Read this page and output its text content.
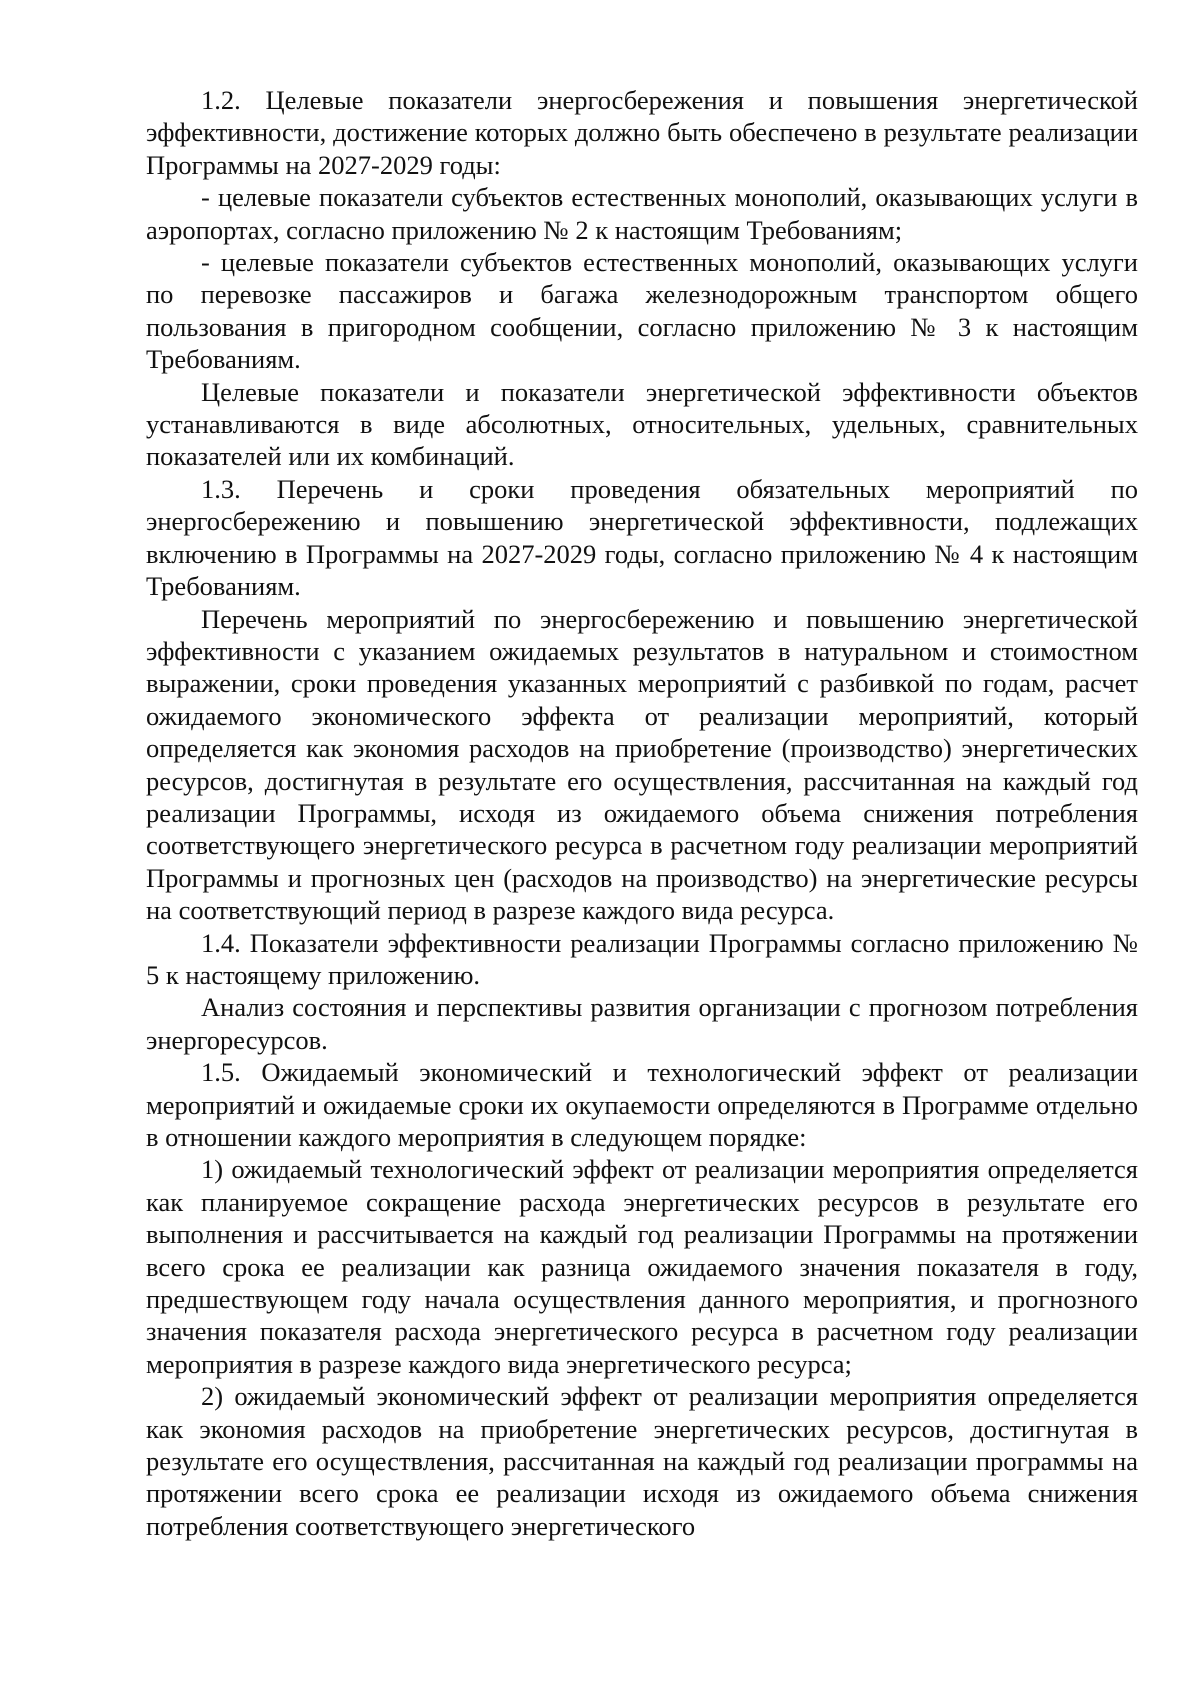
1.2. Целевые показатели энергосбережения и повышения энергетической эффективности, достижение которых должно быть обеспечено в результате реализации Программы на 2027-2029 годы:

- целевые показатели субъектов естественных монополий, оказывающих услуги в аэропортах, согласно приложению № 2 к настоящим Требованиям;

- целевые показатели субъектов естественных монополий, оказывающих услуги по перевозке пассажиров и багажа железнодорожным транспортом общего пользования в пригородном сообщении, согласно приложению № 3 к настоящим Требованиям.

Целевые показатели и показатели энергетической эффективности объектов устанавливаются в виде абсолютных, относительных, удельных, сравнительных показателей или их комбинаций.

1.3. Перечень и сроки проведения обязательных мероприятий по энергосбережению и повышению энергетической эффективности, подлежащих включению в Программы на 2027-2029 годы, согласно приложению № 4 к настоящим Требованиям.

Перечень мероприятий по энергосбережению и повышению энергетической эффективности с указанием ожидаемых результатов в натуральном и стоимостном выражении, сроки проведения указанных мероприятий с разбивкой по годам, расчет ожидаемого экономического эффекта от реализации мероприятий, который определяется как экономия расходов на приобретение (производство) энергетических ресурсов, достигнутая в результате его осуществления, рассчитанная на каждый год реализации Программы, исходя из ожидаемого объема снижения потребления соответствующего энергетического ресурса в расчетном году реализации мероприятий Программы и прогнозных цен (расходов на производство) на энергетические ресурсы на соответствующий период в разрезе каждого вида ресурса.

1.4. Показатели эффективности реализации Программы согласно приложению № 5 к настоящему приложению.

Анализ состояния и перспективы развития организации с прогнозом потребления энергоресурсов.

1.5. Ожидаемый экономический и технологический эффект от реализации мероприятий и ожидаемые сроки их окупаемости определяются в Программе отдельно в отношении каждого мероприятия в следующем порядке:

1) ожидаемый технологический эффект от реализации мероприятия определяется как планируемое сокращение расхода энергетических ресурсов в результате его выполнения и рассчитывается на каждый год реализации Программы на протяжении всего срока ее реализации как разница ожидаемого значения показателя в году, предшествующем году начала осуществления данного мероприятия, и прогнозного значения показателя расхода энергетического ресурса в расчетном году реализации мероприятия в разрезе каждого вида энергетического ресурса;

2) ожидаемый экономический эффект от реализации мероприятия определяется как экономия расходов на приобретение энергетических ресурсов, достигнутая в результате его осуществления, рассчитанная на каждый год реализации программы на протяжении всего срока ее реализации исходя из ожидаемого объема снижения потребления соответствующего энергетического
